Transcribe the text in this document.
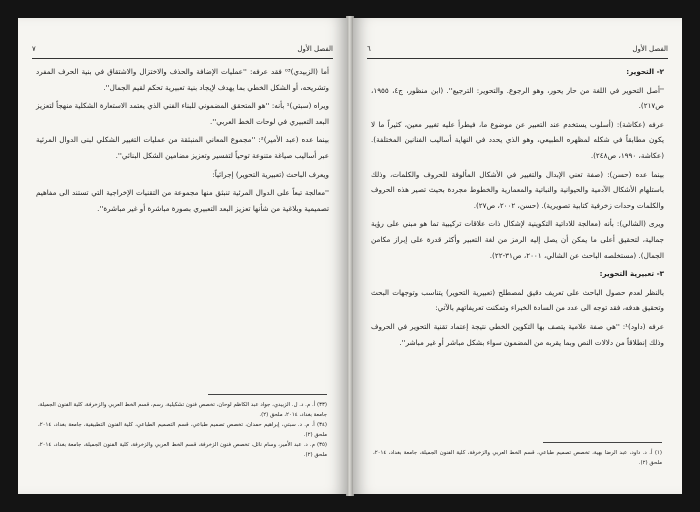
الفصل الأول
٧

أما (الزبيدي)⁰³ فقد عرفه: ''عمليات الإضافة والحذف والاختزال والاشتقاق في بنية الحرف المفرد وتشريحه، أو الشكل الخطي بما يهدف لإيجاد بنية تعبيرية تحكم لقيم الجمال''.

ويراه (سبتي)¹ بأنه: ''هو المتحقق المضموني للبناء الفني الذي يعتمد الاستعارة الشكلية منهجاً لتعزيز البعد التعبيري في لوحات الخط العربي''.

بينما عده (عبد الأمير)²: ''مجموع المعاني المنبثقة من عمليات التغيير الشكلي لبنى الدوال المرئية عبر أساليب صياغة متنوعة توحياً لتفسير وتعزيز مضامين الشكل البنائي''.

ويعرف الباحث (تعبيرية التحوير) إجرائياً:

''معالجة تبعاً على الدوال المرئية تنبثق منها مجموعة من التقنيات الإخراجية التي تستند الى مفاهيم تصميمية وبلاغية من شأنها تعزيز البعد التعبيري بصورة مباشرة أو غير مباشرة''.

(٣٣) أ. م. د. ل. الزبيدي، جواد عبد الكاظم لوحان، تخصص فنون تشكيلية، رسم، قسم الخط العربي والزخرفة، كلية الفنون الجميلة، جامعة بغداد، ٢٠١٤، ملحق (٢).

(٣٤) أ. م. د. سبتي، إبراهيم حمدان، تخصص تصميم طباعي، قسم التصميم الطباعي، كلية الفنون التطبيقية، جامعة بغداد، ٢٠١٤، ملحق (٢).

(٣٥) م. د. عبد الأمير، وسام نائل، تخصص فنون الزخرفة، قسم الخط العربي والزخرفة، كلية الفنون الجميلة، جامعة بغداد، ٢٠١٤، ملحق (٢).

الفصل الأول
٦

٢- التحوير:

''أصل التحوير في اللغة من حار يحور، وهو الرجوع. والتحوير: الترجيع''. (ابن منظور، ج٤، ١٩٥٥، ص٢١٧).

عرفه (عكاشة): (أسلوب يستخدم عند التعبير عن موضوع ما، فيطرأ عليه تغيير معين، كثيراً ما لا يكون مطابقاً في شكله لمظهره الطبيعي، وهو الذي يحدد في النهاية أساليب الفنانين المختلفة). (عكاشة، ١٩٩٠، ص٢٤٨).

بينما عده (حسن): (صفة تعني الإبدال والتغيير في الأشكال المألوفة للحروف والكلمات، وذلك باستلهام الأشكال الآدمية والحيوانية والنباتية والمعمارية والخطوط مجردة بحيث تصير هذه الحروف والكلمات وحدات زخرفية كتابية تصويرية). (حسن، ٢٠٠٢، ص٢٧).

ويرى (الشالي): بأنه (معالجة للاداتية التكوينية لإشكال ذات علاقات تركيبية تما هو مبني على رؤية جمالية، لتحقيق أعلى ما يمكن أن يصل إليه الرمز من لغة التعبير وأكثر قدرة على إبراز مكامن الجمال). (مستخلصه الباحث عن الشالي، ٢٠٠١، ص٣١-٢٢).

٣- تعبيرية التحوير:

بالنظر لعدم حصول الباحث على تعريف دقيق لمصطلح (تعبيرية التحوير) يتناسب وتوجهات البحث وتحقيق هدفه، فقد توجه الى عدد من السادة الخبراء وتمكنت تعريفاتهم بالآتي:

عرفه (داود)¹: ''هي صفة علامية يتصف بها التكوين الخطي نتيجة إعتماد تقنية التحوير في الحروف وذلك إنطلاقاً من دلالات النص وبما يقربه من المضمون سواء بشكل مباشر أو غير مباشر''.

(١) أ. د. داود، عبد الرضا بهية، تخصص تصميم طباعي، قسم الخط العربي والزخرفة، كلية الفنون الجميلة، جامعة بغداد، ٢٠١٤، ملحق (٢).
